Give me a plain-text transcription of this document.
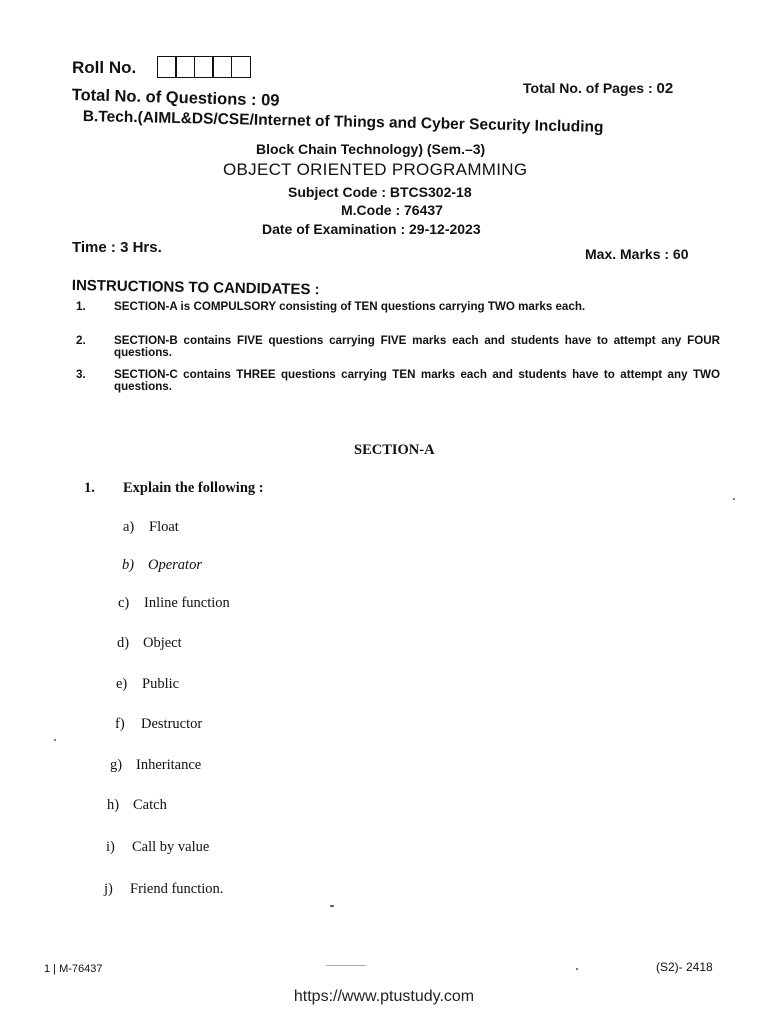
Roll No.
Total No. of Questions : 09	Total No. of Pages : 02
B.Tech.(AIML&DS/CSE/Internet of Things and Cyber Security Including
Block Chain Technology) (Sem.–3)
OBJECT ORIENTED PROGRAMMING
Subject Code : BTCS302-18
M.Code : 76437
Date of Examination : 29-12-2023
Time : 3 Hrs.	Max. Marks : 60
INSTRUCTIONS TO CANDIDATES :
1. SECTION-A is COMPULSORY consisting of TEN questions carrying TWO marks each.
2. SECTION-B contains FIVE questions carrying FIVE marks each and students have to attempt any FOUR questions.
3. SECTION-C contains THREE questions carrying TEN marks each and students have to attempt any TWO questions.
SECTION-A
1. Explain the following :
a) Float
b) Operator
c) Inline function
d) Object
e) Public
f) Destructor
g) Inheritance
h) Catch
i) Call by value
j) Friend function.
1 | M-76437	(S2)- 2418
https://www.ptustudy.com
